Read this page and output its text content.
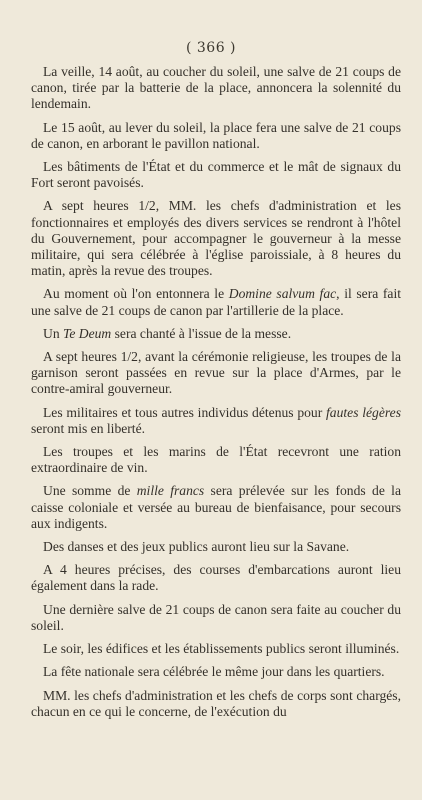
( 366 )

La veille, 14 août, au coucher du soleil, une salve de 21 coups de canon, tirée par la batterie de la place, annoncera la solennité du lendemain.

Le 15 août, au lever du soleil, la place fera une salve de 21 coups de canon, en arborant le pavillon national.

Les bâtiments de l'État et du commerce et le mât de signaux du Fort seront pavoisés.

A sept heures 1/2, MM. les chefs d'administration et les fonctionnaires et employés des divers services se rendront à l'hôtel du Gouvernement, pour accompagner le gouverneur à la messe militaire, qui sera célébrée à l'église paroissiale, à 8 heures du matin, après la revue des troupes.

Au moment où l'on entonnera le Domine salvum fac, il sera fait une salve de 21 coups de canon par l'artillerie de la place.

Un Te Deum sera chanté à l'issue de la messe.

A sept heures 1/2, avant la cérémonie religieuse, les troupes de la garnison seront passées en revue sur la place d'Armes, par le contre-amiral gouverneur.

Les militaires et tous autres individus détenus pour fautes légères seront mis en liberté.

Les troupes et les marins de l'État recevront une ration extraordinaire de vin.

Une somme de mille francs sera prélevée sur les fonds de la caisse coloniale et versée au bureau de bienfaisance, pour secours aux indigents.

Des danses et des jeux publics auront lieu sur la Savane.

A 4 heures précises, des courses d'embarcations auront lieu également dans la rade.

Une dernière salve de 21 coups de canon sera faite au coucher du soleil.

Le soir, les édifices et les établissements publics seront illuminés.

La fête nationale sera célébrée le même jour dans les quartiers.

MM. les chefs d'administration et les chefs de corps sont chargés, chacun en ce qui le concerne, de l'exécution du
